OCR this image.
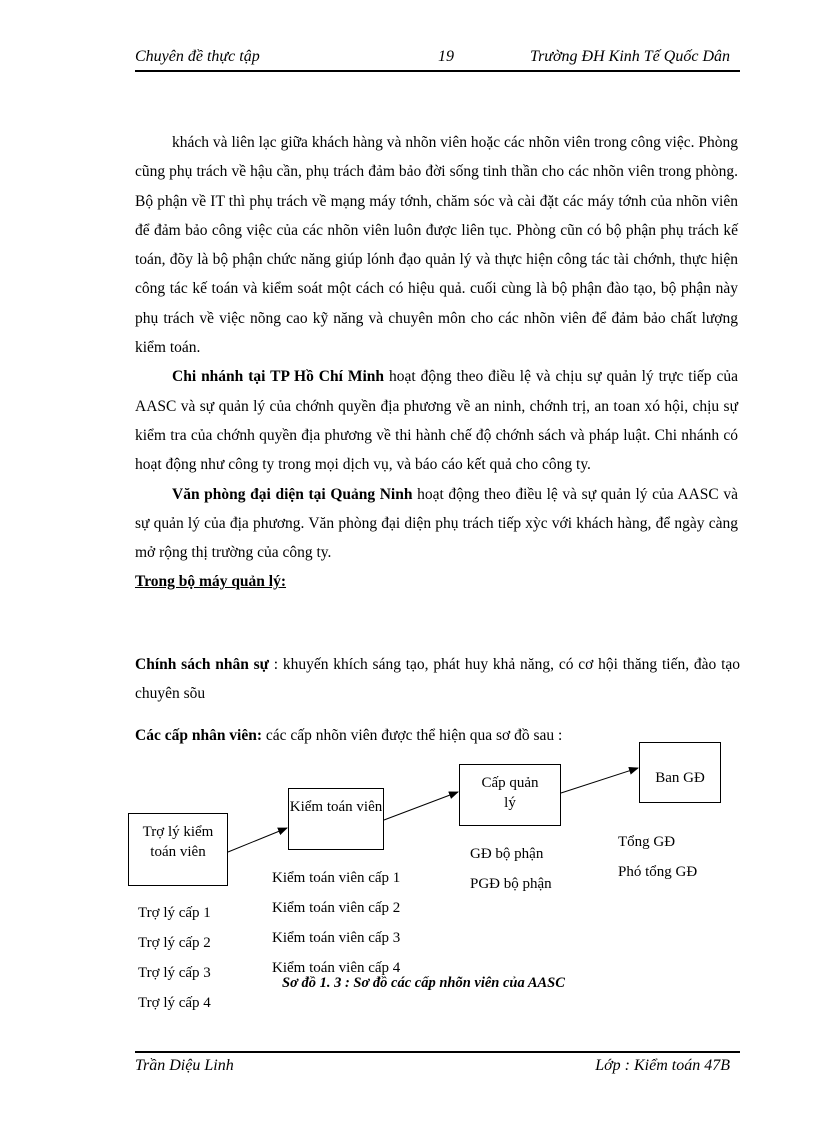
Chuyên đề thực tập	19	Trường ĐH Kinh Tế Quốc Dân

khách và liên lạc giữa khách hàng và nhõn viên hoặc các nhõn viên trong công việc. Phòng cũng phụ trách về hậu cần, phụ trách đảm bảo đời sống tinh thần cho các nhõn viên trong phòng. Bộ phận về IT thì phụ trách về mạng máy tớnh, chăm sóc và cài đặt các máy tớnh của nhõn viên để đảm bảo công việc của các nhõn viên luôn được liên tục. Phòng cũn có bộ phận phụ trách kế toán, đõy là bộ phận chức năng giúp lónh đạo quản lý và thực hiện công tác tài chớnh, thực hiện công tác kế toán và kiểm soát một cách có hiệu quả. cuối cùng là bộ phận đào tạo, bộ phận này phụ trách về việc nõng cao kỹ năng và chuyên môn cho các nhõn viên để đảm bảo chất lượng kiểm toán.

Chi nhánh tại TP Hồ Chí Minh hoạt động theo điều lệ và chịu sự quản lý trực tiếp của AASC và sự quản lý của chớnh quyền địa phương về an ninh, chớnh trị, an toan xó hội, chịu sự kiểm tra của chớnh quyền địa phương về thi hành chế độ chớnh sách và pháp luật. Chi nhánh có hoạt động như công ty trong mọi dịch vụ, và báo cáo kết quả cho công ty.

Văn phòng đại diện tại Quảng Ninh hoạt động theo điều lệ và sự quản lý của AASC và sự quản lý của địa phương. Văn phòng đại diện phụ trách tiếp xỳc với khách hàng, để ngày càng mở rộng thị trường của công ty.

Trong bộ máy quản lý:

Chính sách nhân sự : khuyến khích sáng tạo, phát huy khả năng, có cơ hội thăng tiến, đào tạo chuyên sõu

Các cấp nhân viên: các cấp nhõn viên được thể hiện qua sơ đồ sau :

Trợ lý kiểm toán viên
Kiểm toán viên
Cấp quản lý
Ban GĐ
Trợ lý cấp 1
Trợ lý cấp 2
Trợ lý cấp 3
Trợ lý cấp 4
Kiểm toán viên cấp 1
Kiểm toán viên cấp 2
Kiểm toán viên cấp 3
Kiểm toán viên cấp 4
GĐ bộ phận
PGĐ bộ phận
Tổng GĐ
Phó tổng GĐ
Sơ đồ 1. 3 : Sơ đồ các cấp nhõn viên của AASC
Trần Diệu Linh	Lớp : Kiểm toán 47B
